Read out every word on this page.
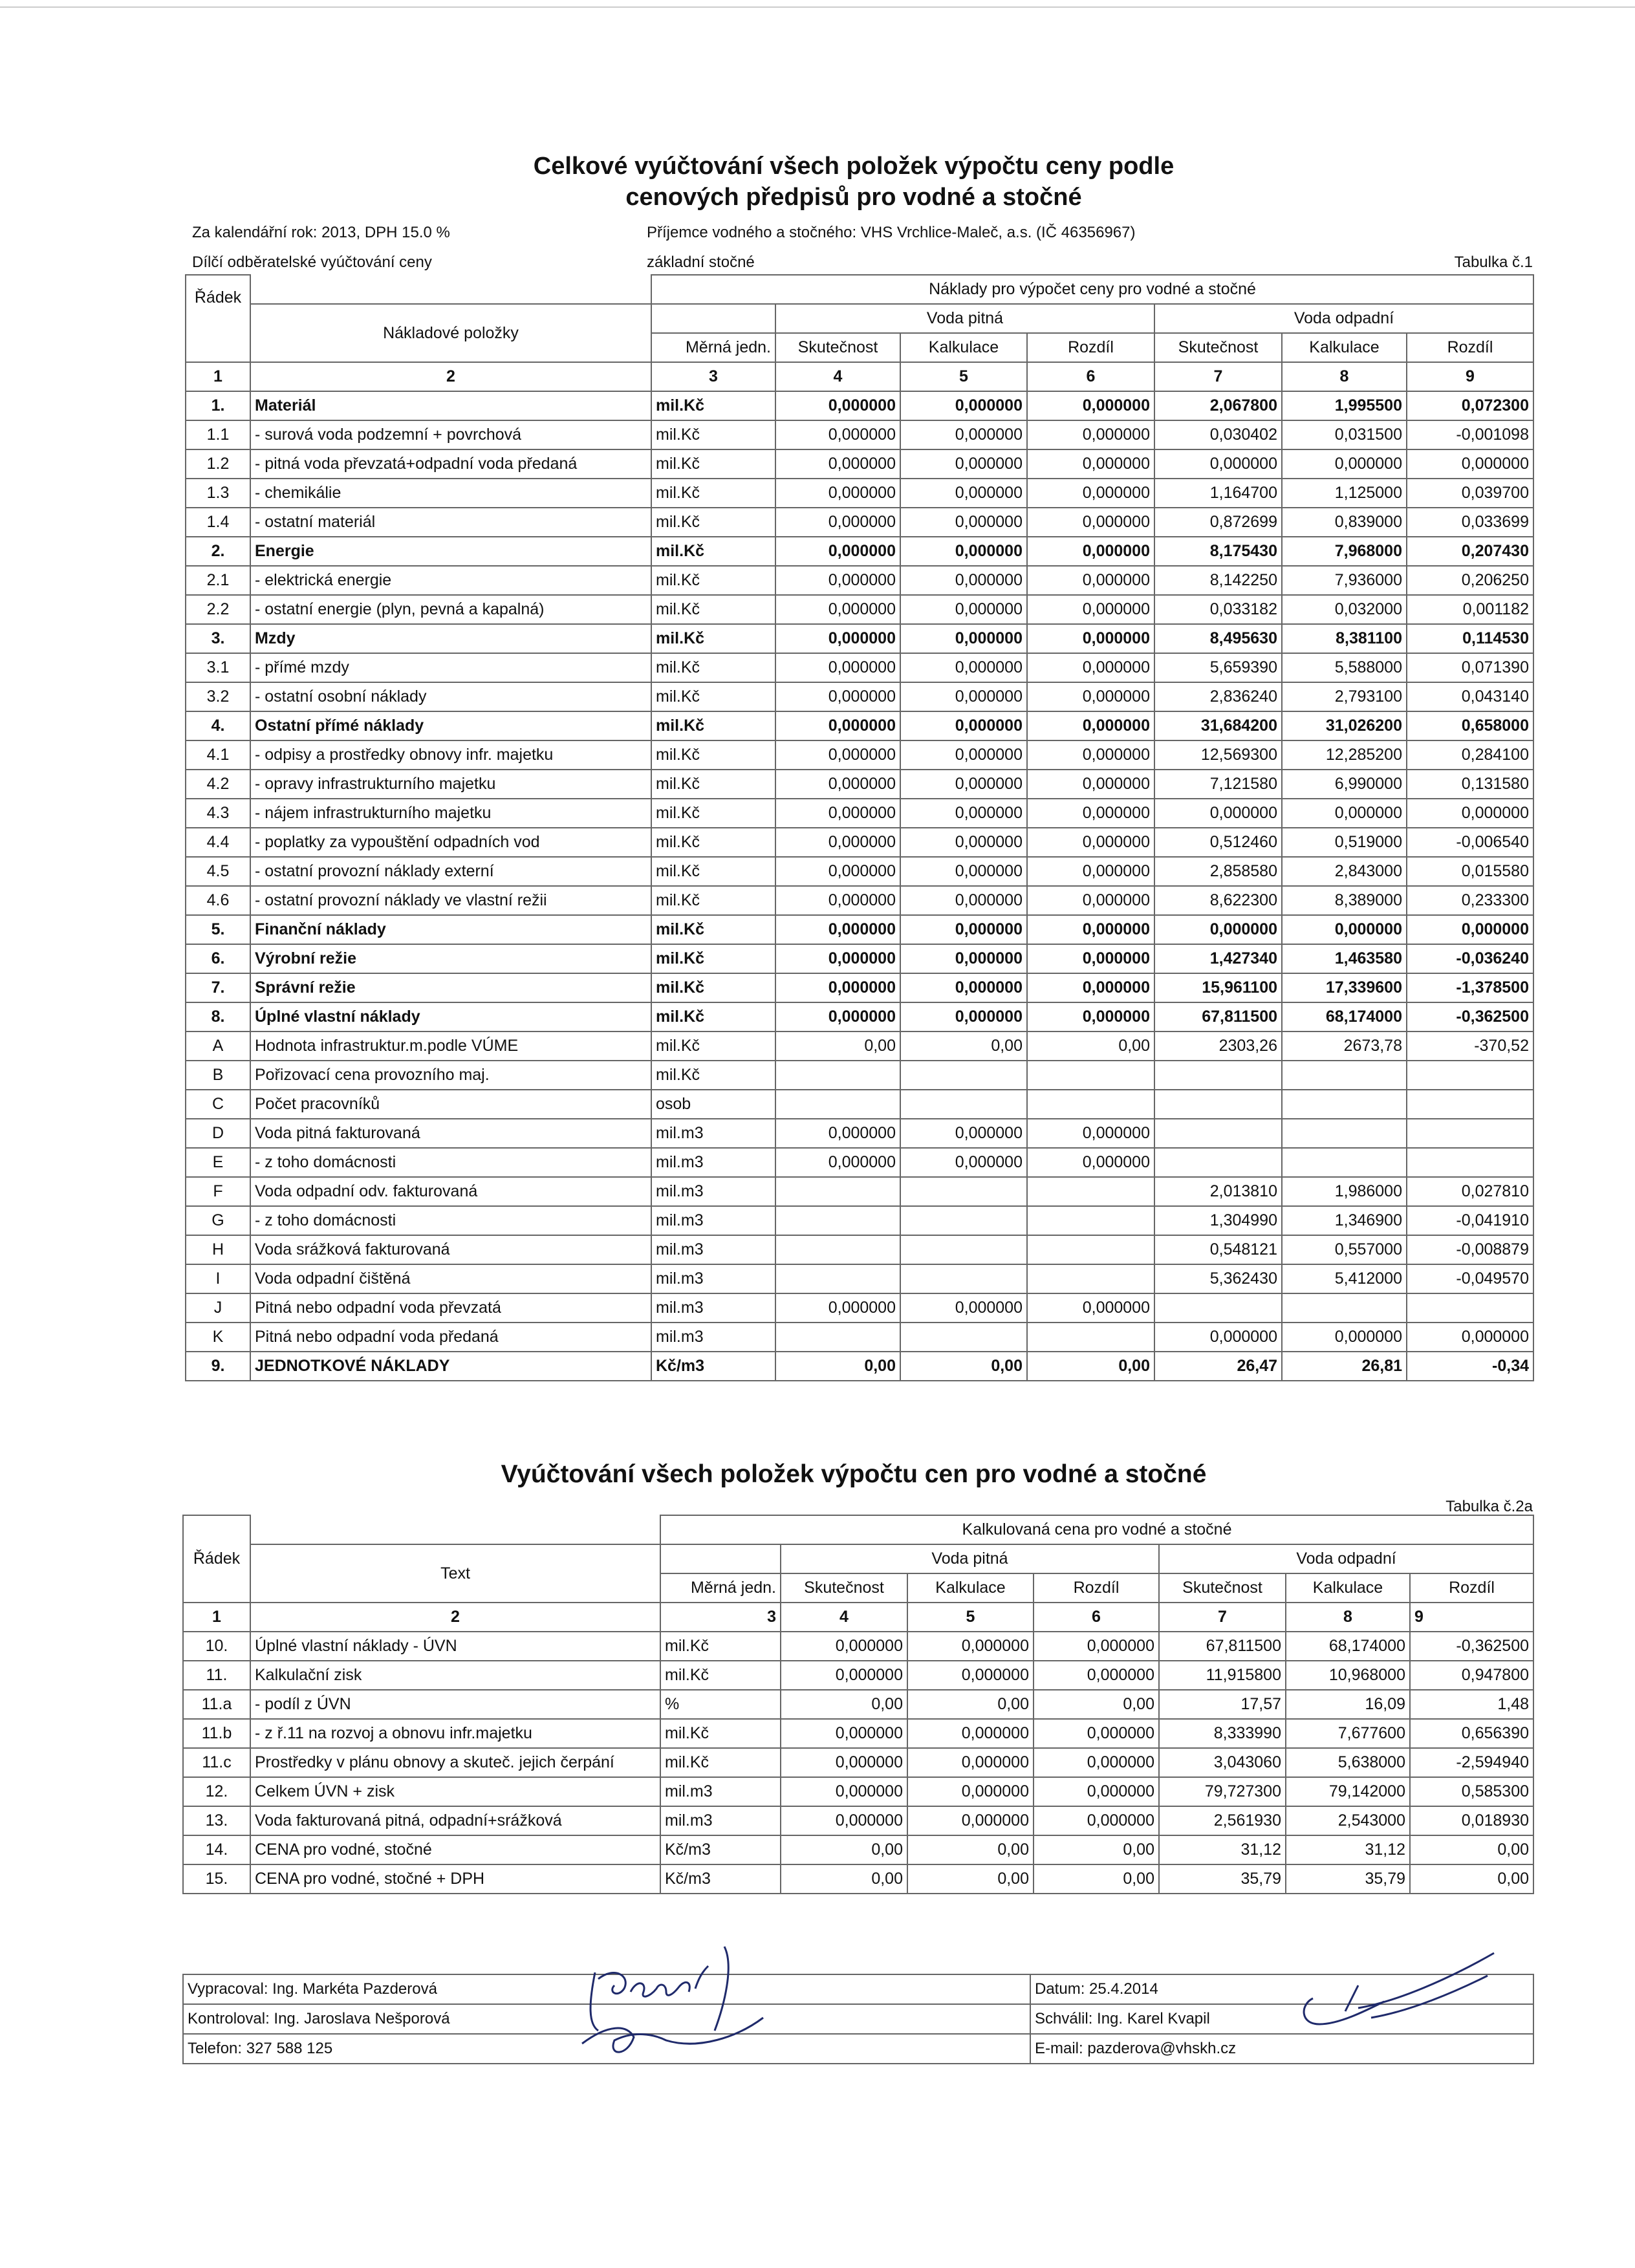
Celkové vyúčtování všech položek výpočtu ceny podle
cenových předpisů pro vodné a stočné
Za kalendářní rok: 2013, DPH 15.0 %	Příjemce vodného a stočného: VHS Vrchlice-Maleč, a.s. (IČ 46356967)
Dílčí odběratelské vyúčtování ceny	základní stočné	Tabulka č.1
Řádek		Náklady pro výpočet ceny pro vodné a stočné						
	Nákladové položky		Voda pitná			Voda odpadní		
		Měrná jedn.	Skutečnost	Kalkulace	Rozdíl	Skutečnost	Kalkulace	Rozdíl
1	2	3	4	5	6	7	8	9
1.	Materiál	mil.Kč	0,000000	0,000000	0,000000	2,067800	1,995500	0,072300
1.1	- surová voda podzemní + povrchová	mil.Kč	0,000000	0,000000	0,000000	0,030402	0,031500	-0,001098
1.2	- pitná voda převzatá+odpadní voda předaná	mil.Kč	0,000000	0,000000	0,000000	0,000000	0,000000	0,000000
1.3	- chemikálie	mil.Kč	0,000000	0,000000	0,000000	1,164700	1,125000	0,039700
1.4	- ostatní materiál	mil.Kč	0,000000	0,000000	0,000000	0,872699	0,839000	0,033699
2.	Energie	mil.Kč	0,000000	0,000000	0,000000	8,175430	7,968000	0,207430
2.1	- elektrická energie	mil.Kč	0,000000	0,000000	0,000000	8,142250	7,936000	0,206250
2.2	- ostatní energie (plyn, pevná a kapalná)	mil.Kč	0,000000	0,000000	0,000000	0,033182	0,032000	0,001182
3.	Mzdy	mil.Kč	0,000000	0,000000	0,000000	8,495630	8,381100	0,114530
3.1	- přímé mzdy	mil.Kč	0,000000	0,000000	0,000000	5,659390	5,588000	0,071390
3.2	- ostatní osobní náklady	mil.Kč	0,000000	0,000000	0,000000	2,836240	2,793100	0,043140
4.	Ostatní přímé náklady	mil.Kč	0,000000	0,000000	0,000000	31,684200	31,026200	0,658000
4.1	- odpisy a prostředky obnovy infr. majetku	mil.Kč	0,000000	0,000000	0,000000	12,569300	12,285200	0,284100
4.2	- opravy infrastrukturního majetku	mil.Kč	0,000000	0,000000	0,000000	7,121580	6,990000	0,131580
4.3	- nájem infrastrukturního majetku	mil.Kč	0,000000	0,000000	0,000000	0,000000	0,000000	0,000000
4.4	- poplatky za vypouštění odpadních vod	mil.Kč	0,000000	0,000000	0,000000	0,512460	0,519000	-0,006540
4.5	- ostatní provozní náklady externí	mil.Kč	0,000000	0,000000	0,000000	2,858580	2,843000	0,015580
4.6	- ostatní provozní náklady ve vlastní režii	mil.Kč	0,000000	0,000000	0,000000	8,622300	8,389000	0,233300
5.	Finanční náklady	mil.Kč	0,000000	0,000000	0,000000	0,000000	0,000000	0,000000
6.	Výrobní režie	mil.Kč	0,000000	0,000000	0,000000	1,427340	1,463580	-0,036240
7.	Správní režie	mil.Kč	0,000000	0,000000	0,000000	15,961100	17,339600	-1,378500
8.	Úplné vlastní náklady	mil.Kč	0,000000	0,000000	0,000000	67,811500	68,174000	-0,362500
A	Hodnota infrastruktur.m.podle VÚME	mil.Kč	0,00	0,00	0,00	2303,26	2673,78	-370,52
B	Pořizovací cena provozního maj.	mil.Kč						
C	Počet pracovníků	osob						
D	Voda pitná fakturovaná	mil.m3	0,000000	0,000000	0,000000			
E	- z toho domácnosti	mil.m3	0,000000	0,000000	0,000000			
F	Voda odpadní odv. fakturovaná	mil.m3				2,013810	1,986000	0,027810
G	- z toho domácnosti	mil.m3				1,304990	1,346900	-0,041910
H	Voda srážková fakturovaná	mil.m3				0,548121	0,557000	-0,008879
I	Voda odpadní čištěná	mil.m3				5,362430	5,412000	-0,049570
J	Pitná nebo odpadní voda převzatá	mil.m3	0,000000	0,000000	0,000000			
K	Pitná nebo odpadní voda předaná	mil.m3				0,000000	0,000000	0,000000
9.	JEDNOTKOVÉ NÁKLADY	Kč/m3	0,00	0,00	0,00	26,47	26,81	-0,34
Vyúčtování všech položek výpočtu cen pro vodné a stočné
Tabulka č.2a
Řádek		Kalkulovaná cena pro vodné a stočné						
	Text		Voda pitná			Voda odpadní		
		Měrná jedn.	Skutečnost	Kalkulace	Rozdíl	Skutečnost	Kalkulace	Rozdíl
1	2	3	4	5	6	7	8	9
10.	Úplné vlastní náklady - ÚVN	mil.Kč	0,000000	0,000000	0,000000	67,811500	68,174000	-0,362500
11.	Kalkulační zisk	mil.Kč	0,000000	0,000000	0,000000	11,915800	10,968000	0,947800
11.a	- podíl z ÚVN	%	0,00	0,00	0,00	17,57	16,09	1,48
11.b	- z ř.11 na rozvoj a obnovu infr.majetku	mil.Kč	0,000000	0,000000	0,000000	8,333990	7,677600	0,656390
11.c	Prostředky v plánu obnovy a skuteč. jejich čerpání	mil.Kč	0,000000	0,000000	0,000000	3,043060	5,638000	-2,594940
12.	Celkem ÚVN + zisk	mil.m3	0,000000	0,000000	0,000000	79,727300	79,142000	0,585300
13.	Voda fakturovaná pitná, odpadní+srážková	mil.m3	0,000000	0,000000	0,000000	2,561930	2,543000	0,018930
14.	CENA pro vodné, stočné	Kč/m3	0,00	0,00	0,00	31,12	31,12	0,00
15.	CENA pro vodné, stočné + DPH	Kč/m3	0,00	0,00	0,00	35,79	35,79	0,00
Vypracoval: Ing. Markéta Pazderová	Datum: 25.4.2014
Kontroloval: Ing. Jaroslava Nešporová	Schválil: Ing. Karel Kvapil
Telefon: 327 588 125	E-mail: pazderova@vhskh.cz
